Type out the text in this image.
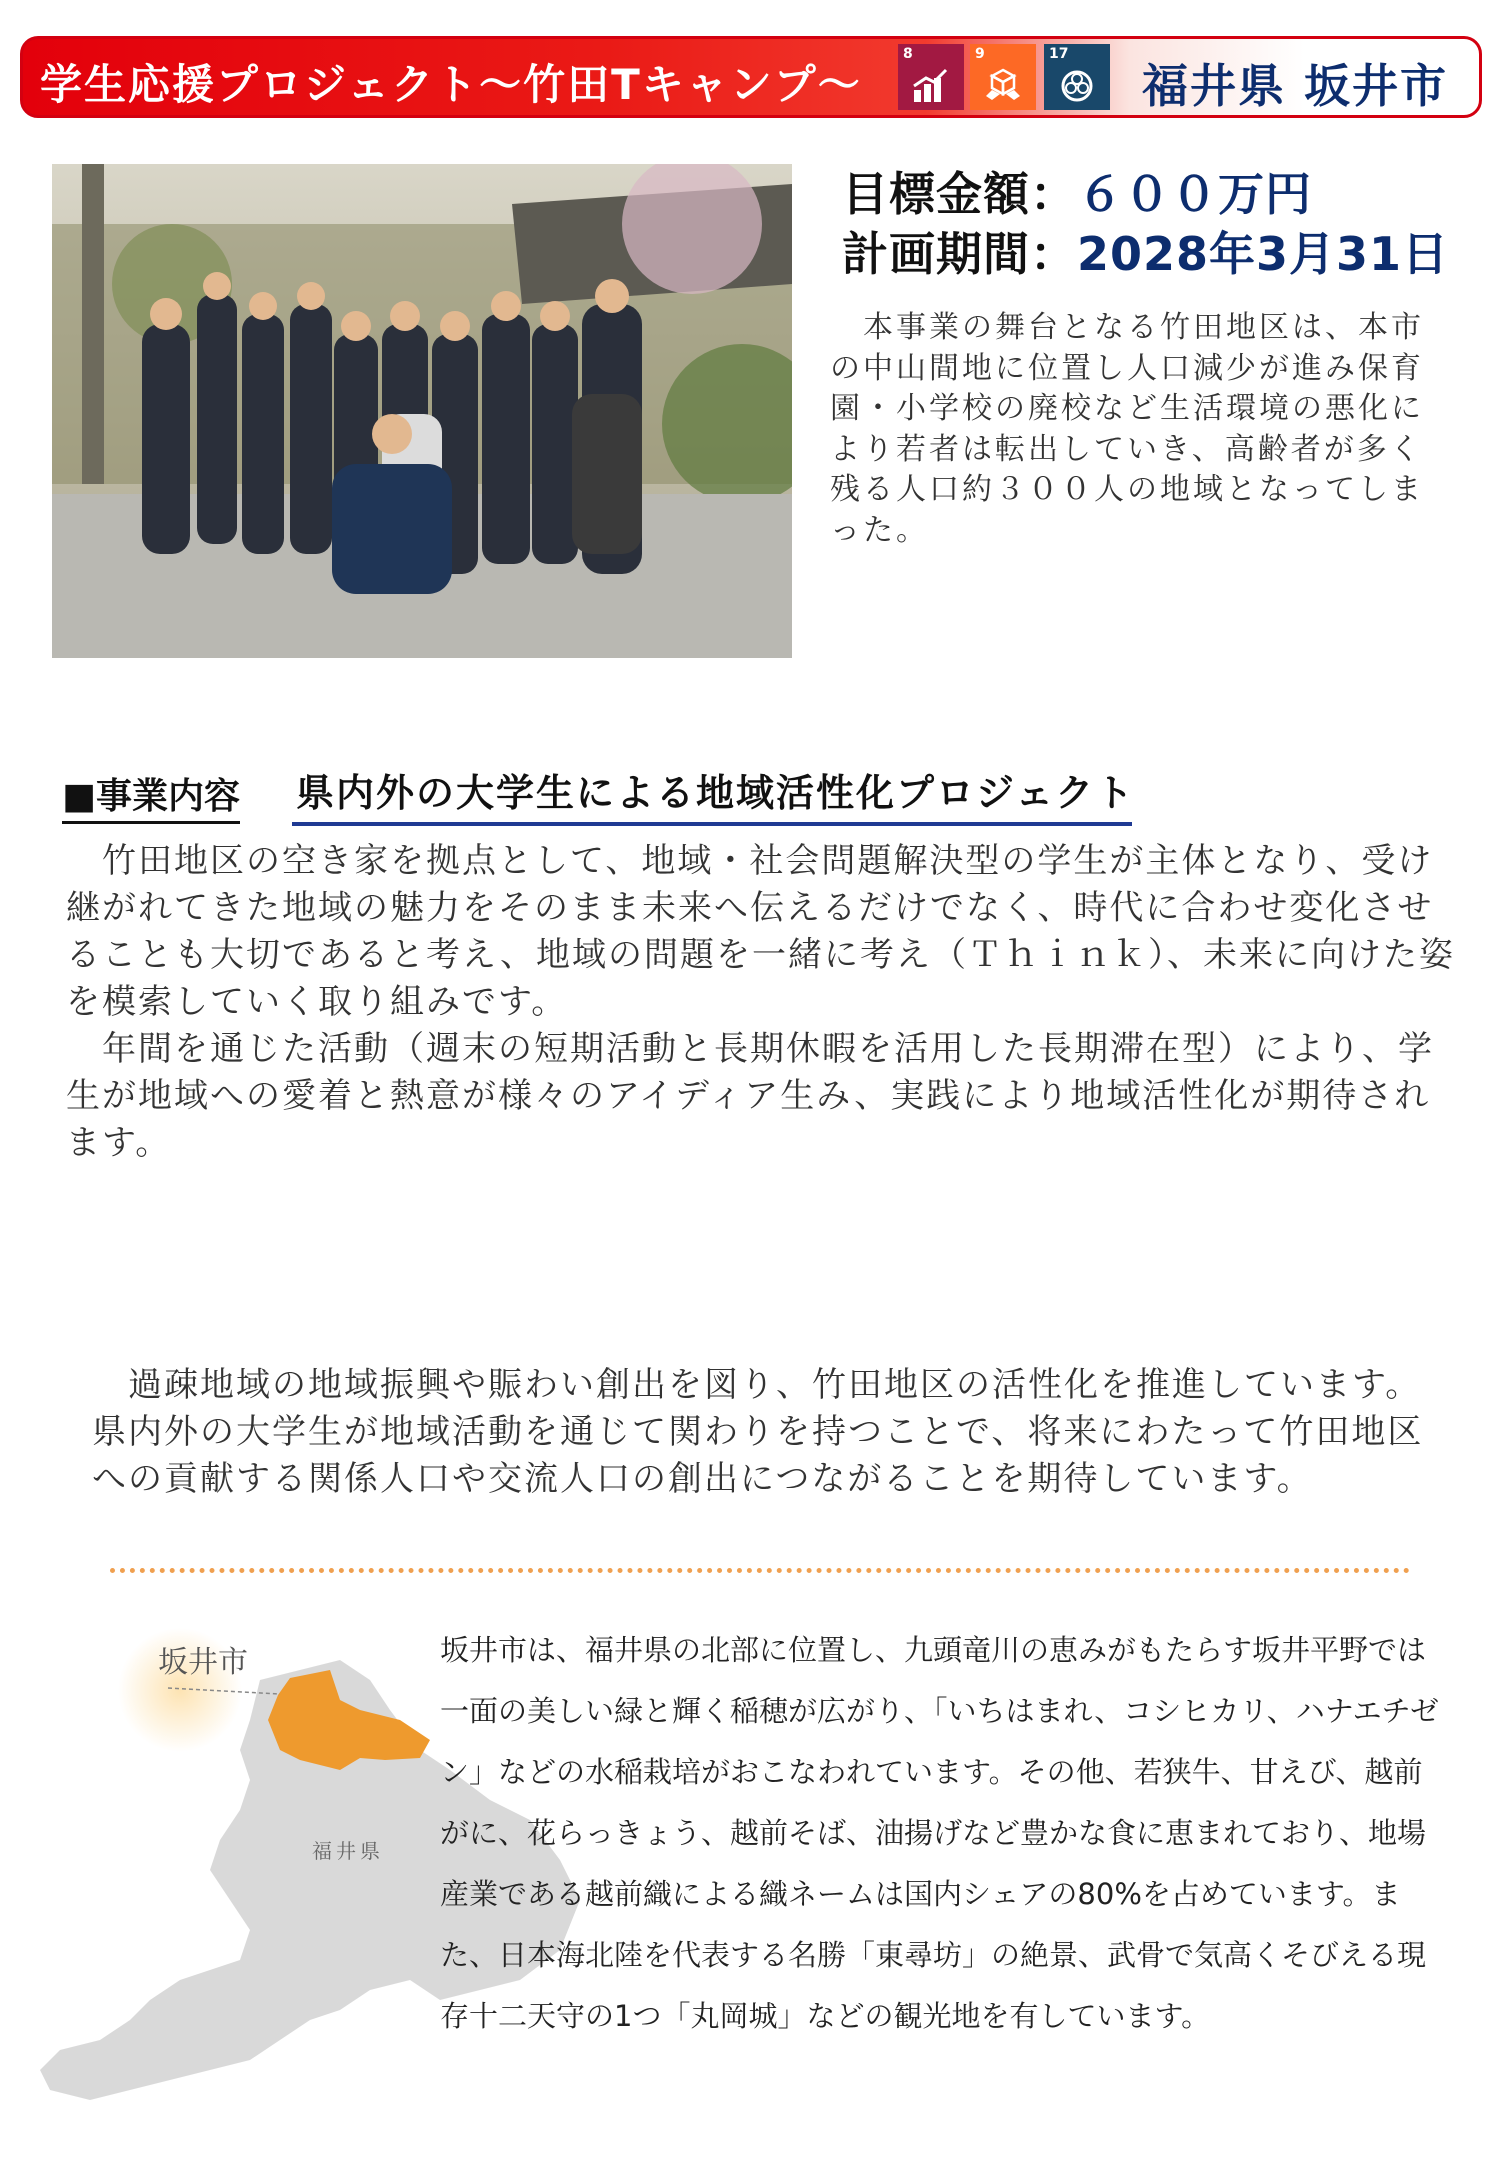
学生応援プロジェクト～竹田Tキャンプ～
8	9	17
福井県 坂井市
目標金額：６００万円
計画期間：2028年3月31日
　本事業の舞台となる竹田地区は、本市の中山間地に位置し人口減少が進み保育園・小学校の廃校など生活環境の悪化により若者は転出していき、高齢者が多く残る人口約３００人の地域となってしまった。
■事業内容 県内外の大学生による地域活性化プロジェクト
　竹田地区の空き家を拠点として、地域・社会問題解決型の学生が主体となり、受け継がれてきた地域の魅力をそのまま未来へ伝えるだけでなく、時代に合わせ変化させることも大切であると考え、地域の問題を一緒に考え（Ｔｈｉｎｋ）、未来に向けた姿を模索していく取り組みです。
　年間を通じた活動（週末の短期活動と長期休暇を活用した長期滞在型）により、学生が地域への愛着と熱意が様々のアイディア生み、実践により地域活性化が期待されます。
　過疎地域の地域振興や賑わい創出を図り、竹田地区の活性化を推進しています。県内外の大学生が地域活動を通じて関わりを持つことで、将来にわたって竹田地区への貢献する関係人口や交流人口の創出につながることを期待しています。
坂井市
福井県
坂井市は、福井県の北部に位置し、九頭竜川の恵みがもたらす坂井平野では一面の美しい緑と輝く稲穂が広がり、「いちはまれ、コシヒカリ、ハナエチゼン」などの水稲栽培がおこなわれています。その他、若狭牛、甘えび、越前がに、花らっきょう、越前そば、油揚げなど豊かな食に恵まれており、地場産業である越前織による織ネームは国内シェアの80%を占めています。また、日本海北陸を代表する名勝「東尋坊」の絶景、武骨で気高くそびえる現存十二天守の1つ「丸岡城」などの観光地を有しています。
